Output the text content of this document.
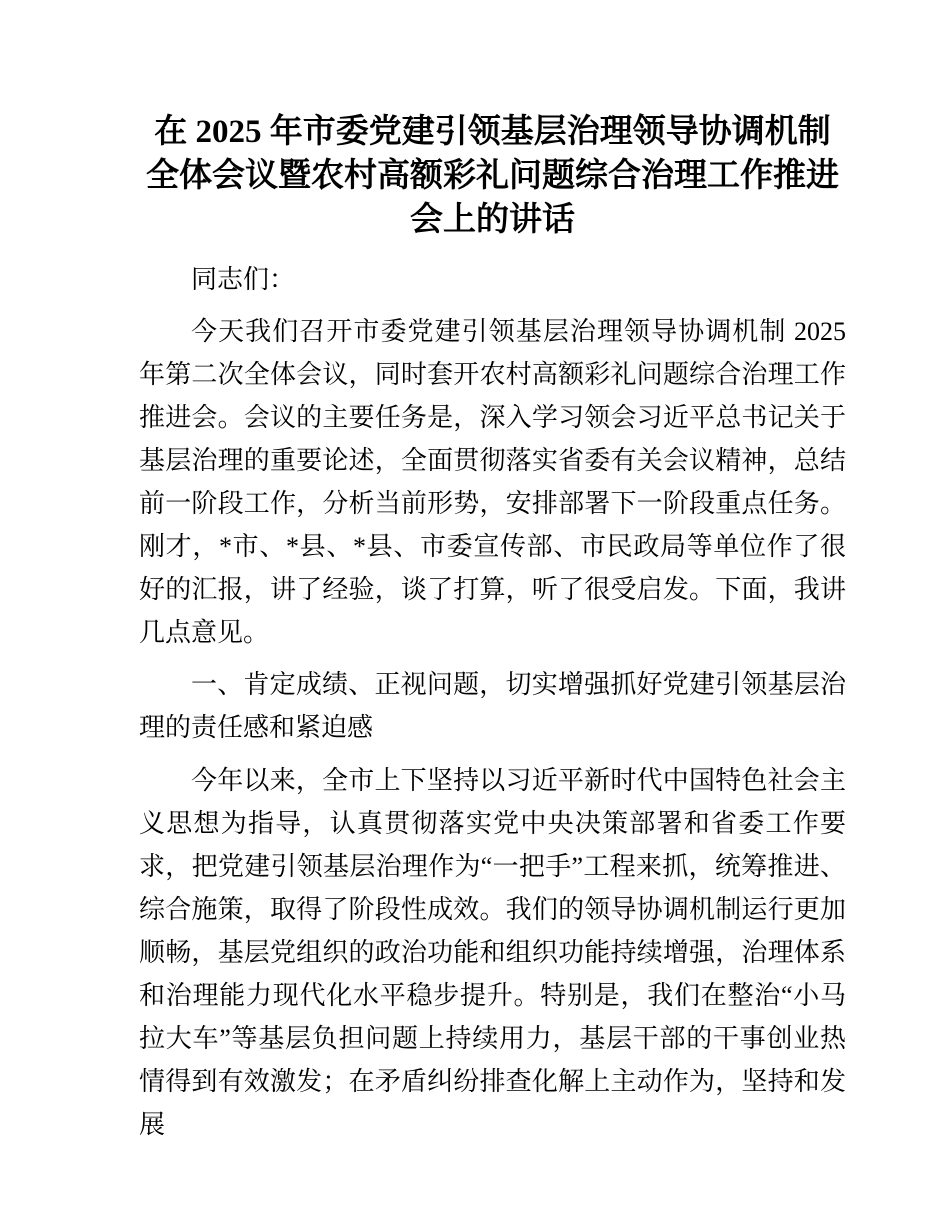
在 2025 年市委党建引领基层治理领导协调机制全体会议暨农村高额彩礼问题综合治理工作推进会上的讲话

同志们：

今天我们召开市委党建引领基层治理领导协调机制 2025 年第二次全体会议，同时套开农村高额彩礼问题综合治理工作推进会。会议的主要任务是，深入学习领会习近平总书记关于基层治理的重要论述，全面贯彻落实省委有关会议精神，总结前一阶段工作，分析当前形势，安排部署下一阶段重点任务。刚才，*市、*县、*县、市委宣传部、市民政局等单位作了很好的汇报，讲了经验，谈了打算，听了很受启发。下面，我讲几点意见。

一、肯定成绩、正视问题，切实增强抓好党建引领基层治理的责任感和紧迫感

今年以来，全市上下坚持以习近平新时代中国特色社会主义思想为指导，认真贯彻落实党中央决策部署和省委工作要求，把党建引领基层治理作为“一把手”工程来抓，统筹推进、综合施策，取得了阶段性成效。我们的领导协调机制运行更加顺畅，基层党组织的政治功能和组织功能持续增强，治理体系和治理能力现代化水平稳步提升。特别是，我们在整治“小马拉大车”等基层负担问题上持续用力，基层干部的干事创业热情得到有效激发；在矛盾纠纷排查化解上主动作为，坚持和发展
